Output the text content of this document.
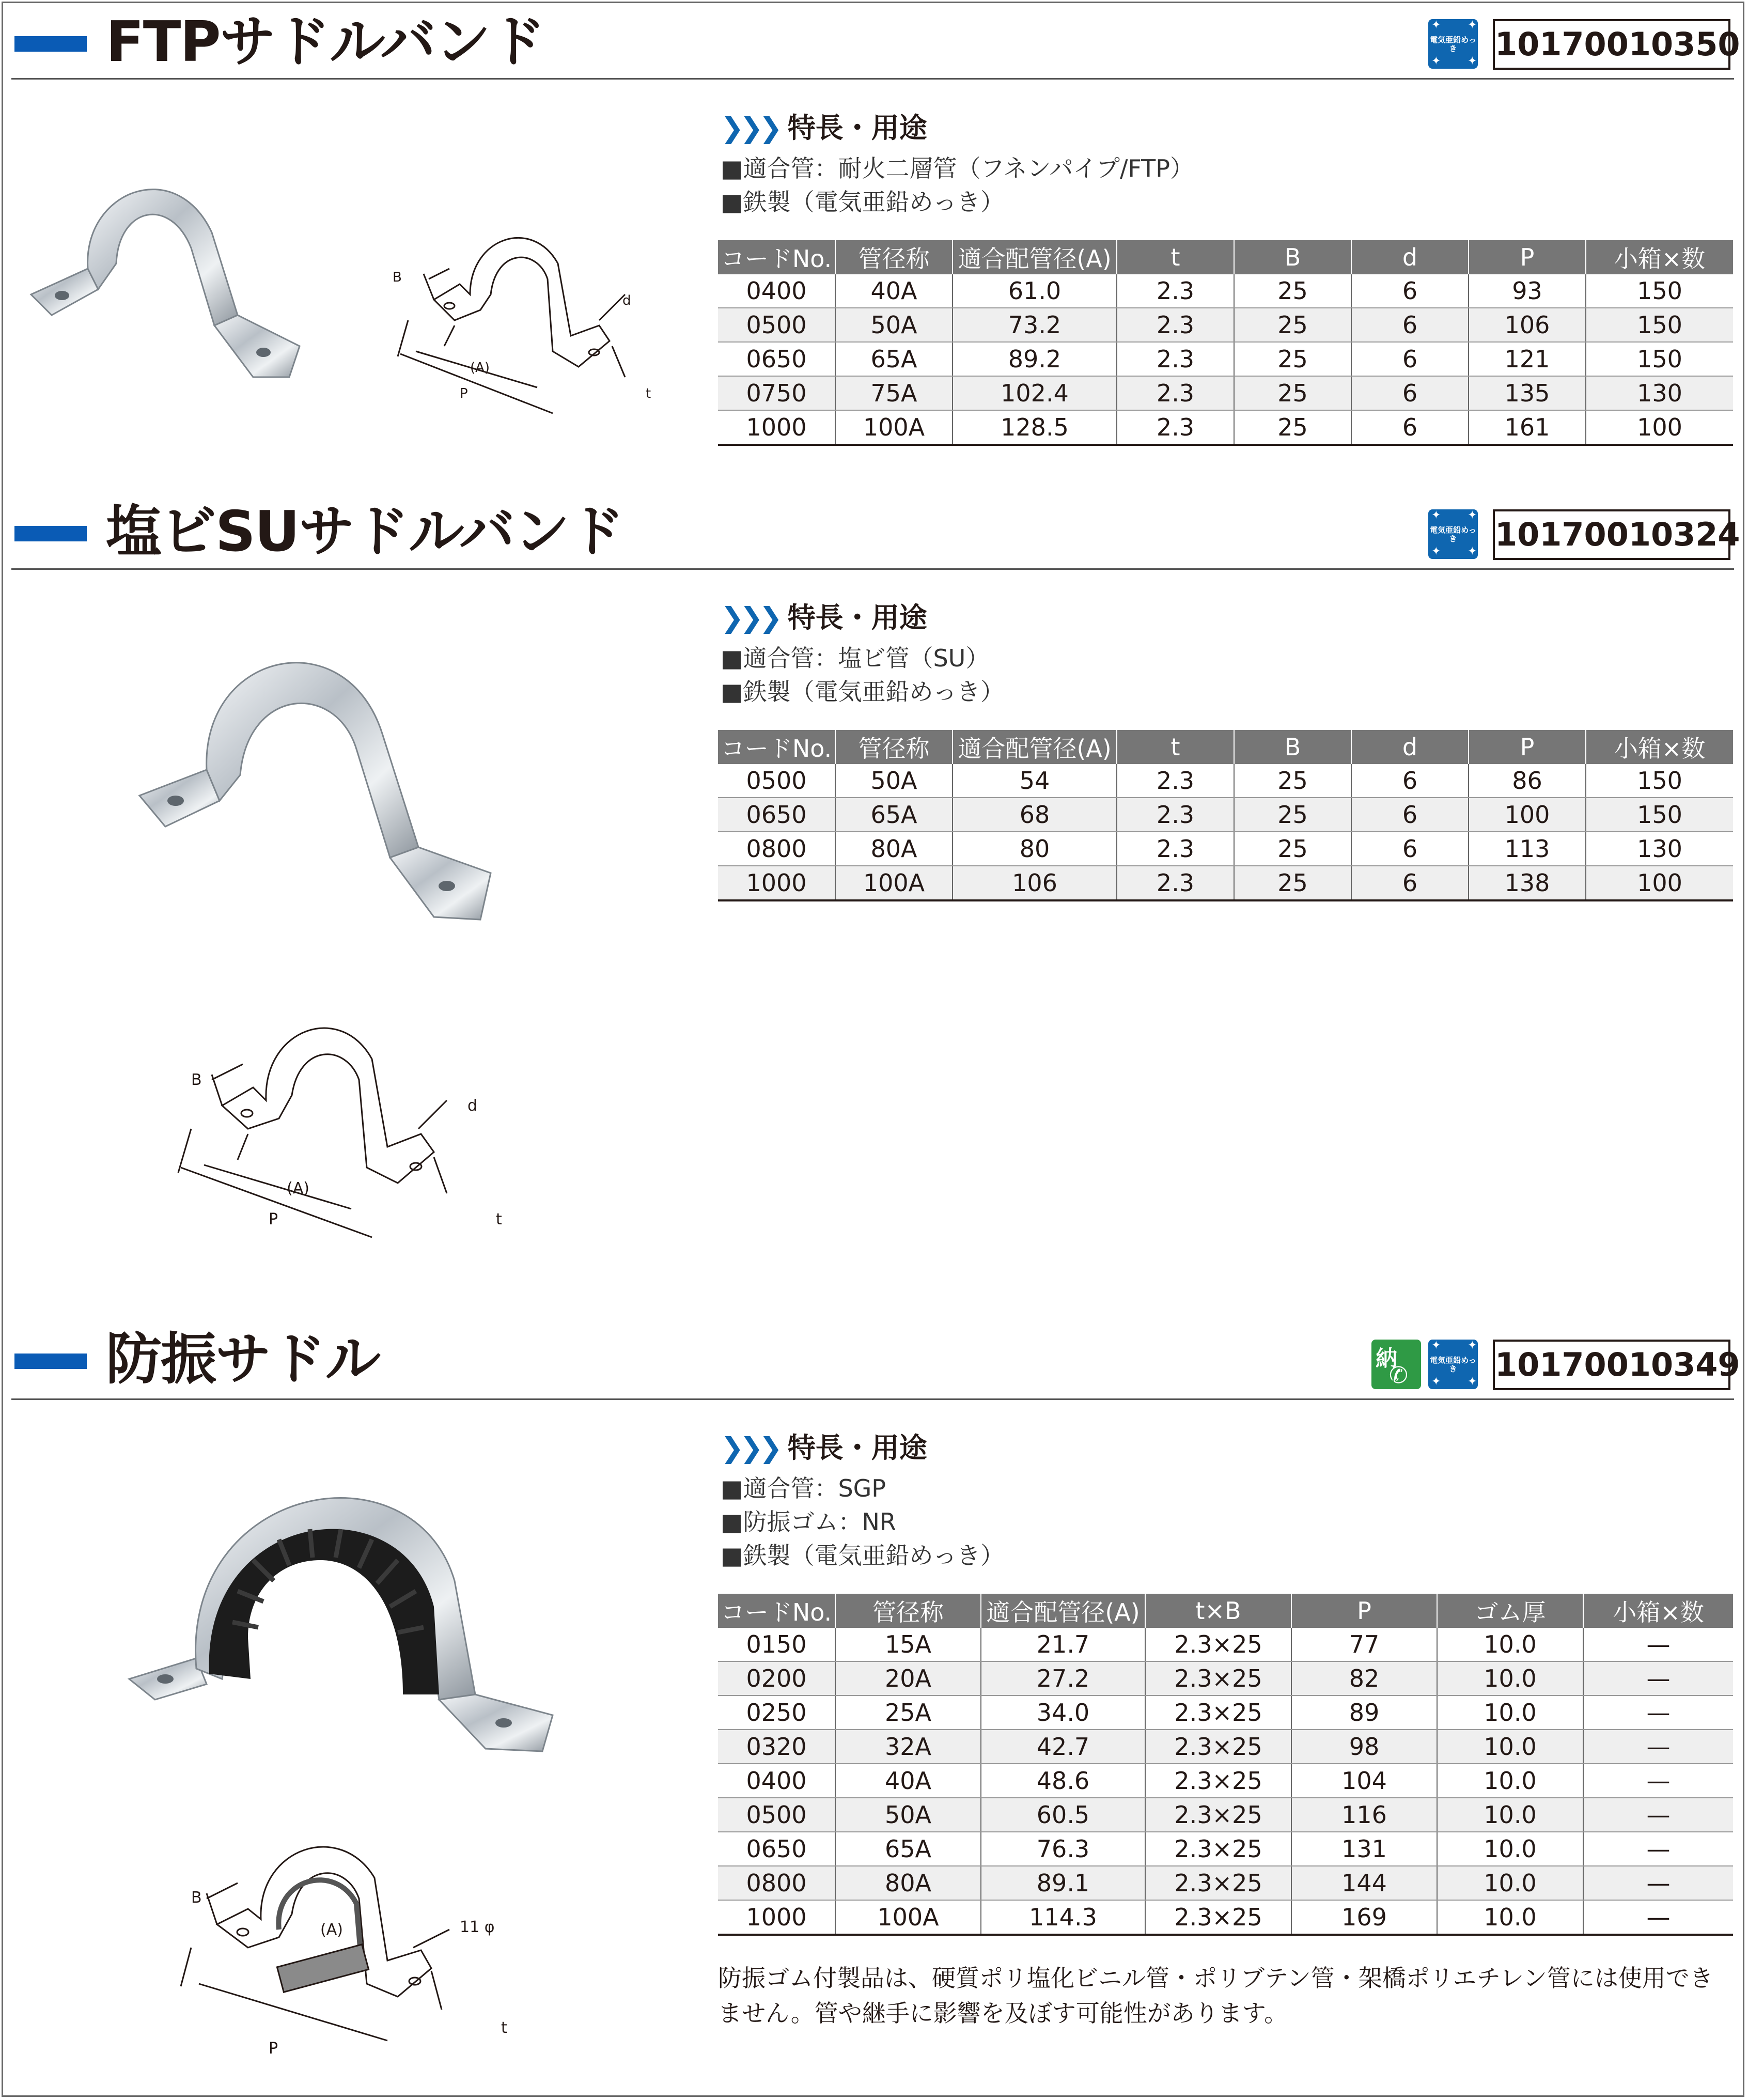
FTPサドルバンド	✦ ✦
✦ ✦
電気亜鉛めっき	10170010350
B
(A)
P
d
t
❯❯❯ 特長・用途
■適合管：耐火二層管（フネンパイプ/FTP）
■鉄製（電気亜鉛めっき）
コードNo.	管径称	適合配管径(A)	t	B	d	P	小箱×数
0400	40A	61.0	2.3	25	6	93	150
0500	50A	73.2	2.3	25	6	106	150
0650	65A	89.2	2.3	25	6	121	150
0750	75A	102.4	2.3	25	6	135	130
1000	100A	128.5	2.3	25	6	161	100
塩ビSUサドルバンド	✦ ✦
✦ ✦
電気亜鉛めっき	10170010324
B
(A)
P
d
t
❯❯❯ 特長・用途
■適合管：塩ビ管（SU）
■鉄製（電気亜鉛めっき）
コードNo.	管径称	適合配管径(A)	t	B	d	P	小箱×数
0500	50A	54	2.3	25	6	86	150
0650	65A	68	2.3	25	6	100	150
0800	80A	80	2.3	25	6	113	130
1000	100A	106	2.3	25	6	138	100
防振サドル	納
✆
✦ ✦
✦ ✦
電気亜鉛めっき	10170010349
B
(A)
P
11 φ
t
❯❯❯ 特長・用途
■適合管：SGP
■防振ゴム：NR
■鉄製（電気亜鉛めっき）
コードNo.	管径称	適合配管径(A)	t×B	P	ゴム厚	小箱×数
0150	15A	21.7	2.3×25	77	10.0	—
0200	20A	27.2	2.3×25	82	10.0	—
0250	25A	34.0	2.3×25	89	10.0	—
0320	32A	42.7	2.3×25	98	10.0	—
0400	40A	48.6	2.3×25	104	10.0	—
0500	50A	60.5	2.3×25	116	10.0	—
0650	65A	76.3	2.3×25	131	10.0	—
0800	80A	89.1	2.3×25	144	10.0	—
1000	100A	114.3	2.3×25	169	10.0	—
防振ゴム付製品は、硬質ポリ塩化ビニル管・ポリブテン管・架橋ポリエチレン管には使用できません。管や継手に影響を及ぼす可能性があります。
